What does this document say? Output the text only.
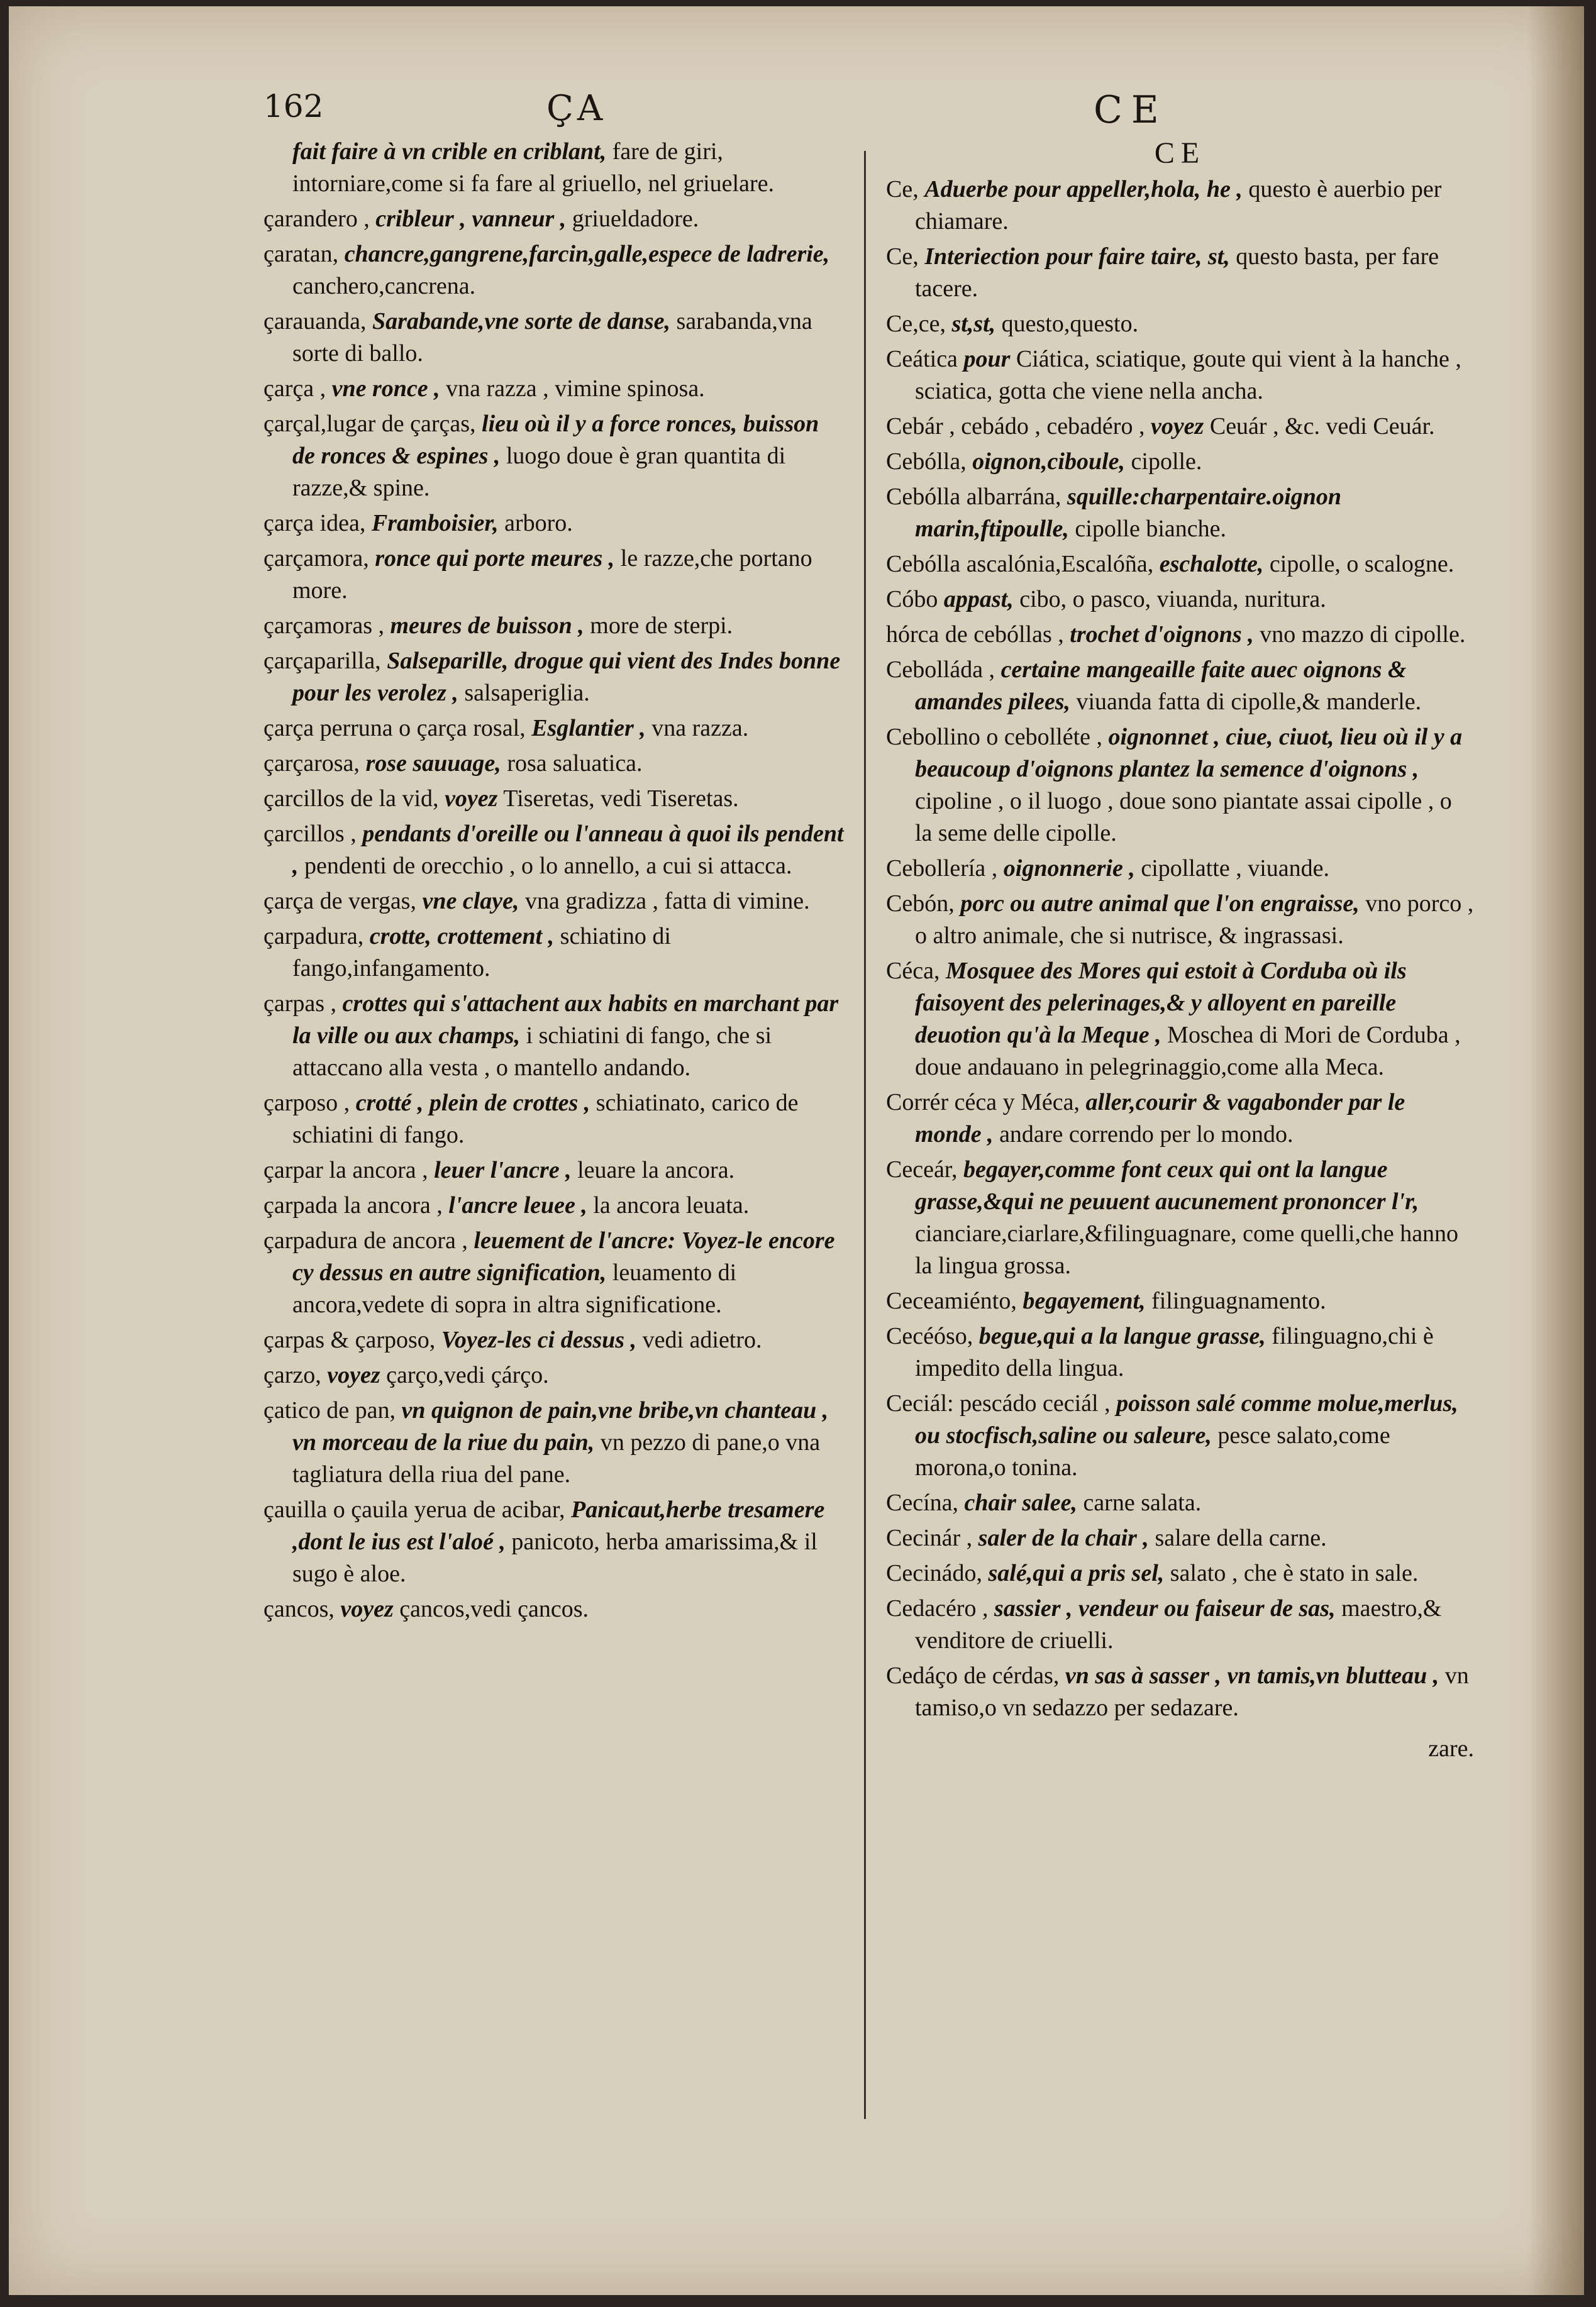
162	ÇA	CE
fait faire à vn crible en criblant, fare de giri, intorniare,come si fa fare al griuello, nel griuelare.
çarandero , cribleur , vanneur , griueldadore.
çaratan, chancre,gangrene,farcin,galle,espece de ladrerie, canchero,cancrena.
çarauanda, Sarabande,vne sorte de danse, sarabanda,vna sorte di ballo.
çarça , vne ronce , vna razza , vimine spinosa.
çarçal,lugar de çarças, lieu où il y a force ronces, buisson de ronces & espines , luogo doue è gran quantita di razze,& spine.
çarça idea, Framboisier, arboro.
çarçamora, ronce qui porte meures , le razze,che portano more.
çarçamoras , meures de buisson , more de sterpi.
çarçaparilla, Salseparille, drogue qui vient des Indes bonne pour les verolez , salsaperiglia.
çarça perruna o çarça rosal, Esglantier , vna razza.
çarçarosa, rose sauuage, rosa saluatica.
çarcillos de la vid, voyez Tiseretas, vedi Tiseretas.
çarcillos , pendants d'oreille ou l'anneau à quoi ils pendent , pendenti de orecchio , o lo annello, a cui si attacca.
çarça de vergas, vne claye, vna gradizza , fatta di vimine.
çarpadura, crotte, crottement , schiatino di fango,infangamento.
çarpas , crottes qui s'attachent aux habits en marchant par la ville ou aux champs, i schiatini di fango, che si attaccano alla vesta , o mantello andando.
çarposo , crotté , plein de crottes , schiatinato, carico de schiatini di fango.
çarpar la ancora , leuer l'ancre , leuare la ancora.
çarpada la ancora , l'ancre leuee , la ancora leuata.
çarpadura de ancora , leuement de l'ancre: Voyez-le encore cy dessus en autre signification, leuamento di ancora,vedete di sopra in altra significatione.
çarpas & çarposo, Voyez-les ci dessus , vedi adietro.
çarzo, voyez çarço,vedi çárço.
çatico de pan, vn quignon de pain,vne bribe,vn chanteau , vn morceau de la riue du pain, vn pezzo di pane,o vna tagliatura della riua del pane.
çauilla o çauila yerua de acibar, Panicaut,herbe tresamere ,dont le ius est l'aloé , panicoto, herba amarissima,& il sugo è aloe.
çancos, voyez çancos,vedi çancos.
CE
Ce, Aduerbe pour appeller,hola, he , questo è auerbio per chiamare.
Ce, Interiection pour faire taire, st, questo basta, per fare tacere.
Ce,ce, st,st, questo,questo.
Ceática pour Ciática, sciatique, goute qui vient à la hanche , sciatica, gotta che viene nella ancha.
Cebár , cebádo , cebadéro , voyez Ceuár , &c. vedi Ceuár.
Cebólla, oignon,ciboule, cipolle.
Cebólla albarrána, squille:charpentaire.oignon marin,ftipoulle, cipolle bianche.
Cebólla ascalónia,Escalóña, eschalotte, cipolle, o scalogne.
Cóbo appast, cibo, o pasco, viuanda, nuritura.
hórca de cebóllas , trochet d'oignons , vno mazzo di cipolle.
Cebolláda , certaine mangeaille faite auec oignons & amandes pilees, viuanda fatta di cipolle,& manderle.
Cebollino o cebolléte , oignonnet , ciue, ciuot, lieu où il y a beaucoup d'oignons plantez la semence d'oignons , cipoline , o il luogo , doue sono piantate assai cipolle , o la seme delle cipolle.
Cebollería , oignonnerie , cipollatte , viuande.
Cebón, porc ou autre animal que l'on engraisse, vno porco , o altro animale, che si nutrisce, & ingrassasi.
Céca, Mosquee des Mores qui estoit à Corduba où ils faisoyent des pelerinages,& y alloyent en pareille deuotion qu'à la Meque , Moschea di Mori de Corduba , doue andauano in pelegrinaggio,come alla Meca.
Corrér céca y Méca, aller,courir & vagabonder par le monde , andare correndo per lo mondo.
Ceceár, begayer,comme font ceux qui ont la langue grasse,&qui ne peuuent aucunement prononcer l'r, cianciare,ciarlare,&filinguagnare, come quelli,che hanno la lingua grossa.
Ceceamiénto, begayement, filinguagnamento.
Cecéóso, begue,qui a la langue grasse, filinguagno,chi è impedito della lingua.
Ceciál: pescádo ceciál , poisson salé comme molue,merlus, ou stocfisch,saline ou saleure, pesce salato,come morona,o tonina.
Cecína, chair salee, carne salata.
Cecinár , saler de la chair , salare della carne.
Cecinádo, salé,qui a pris sel, salato , che è stato in sale.
Cedacéro , sassier , vendeur ou faiseur de sas, maestro,& venditore de criuelli.
Cedáço de cérdas, vn sas à sasser , vn tamis,vn blutteau , vn tamiso,o vn sedazzo per sedazare.
zare.
